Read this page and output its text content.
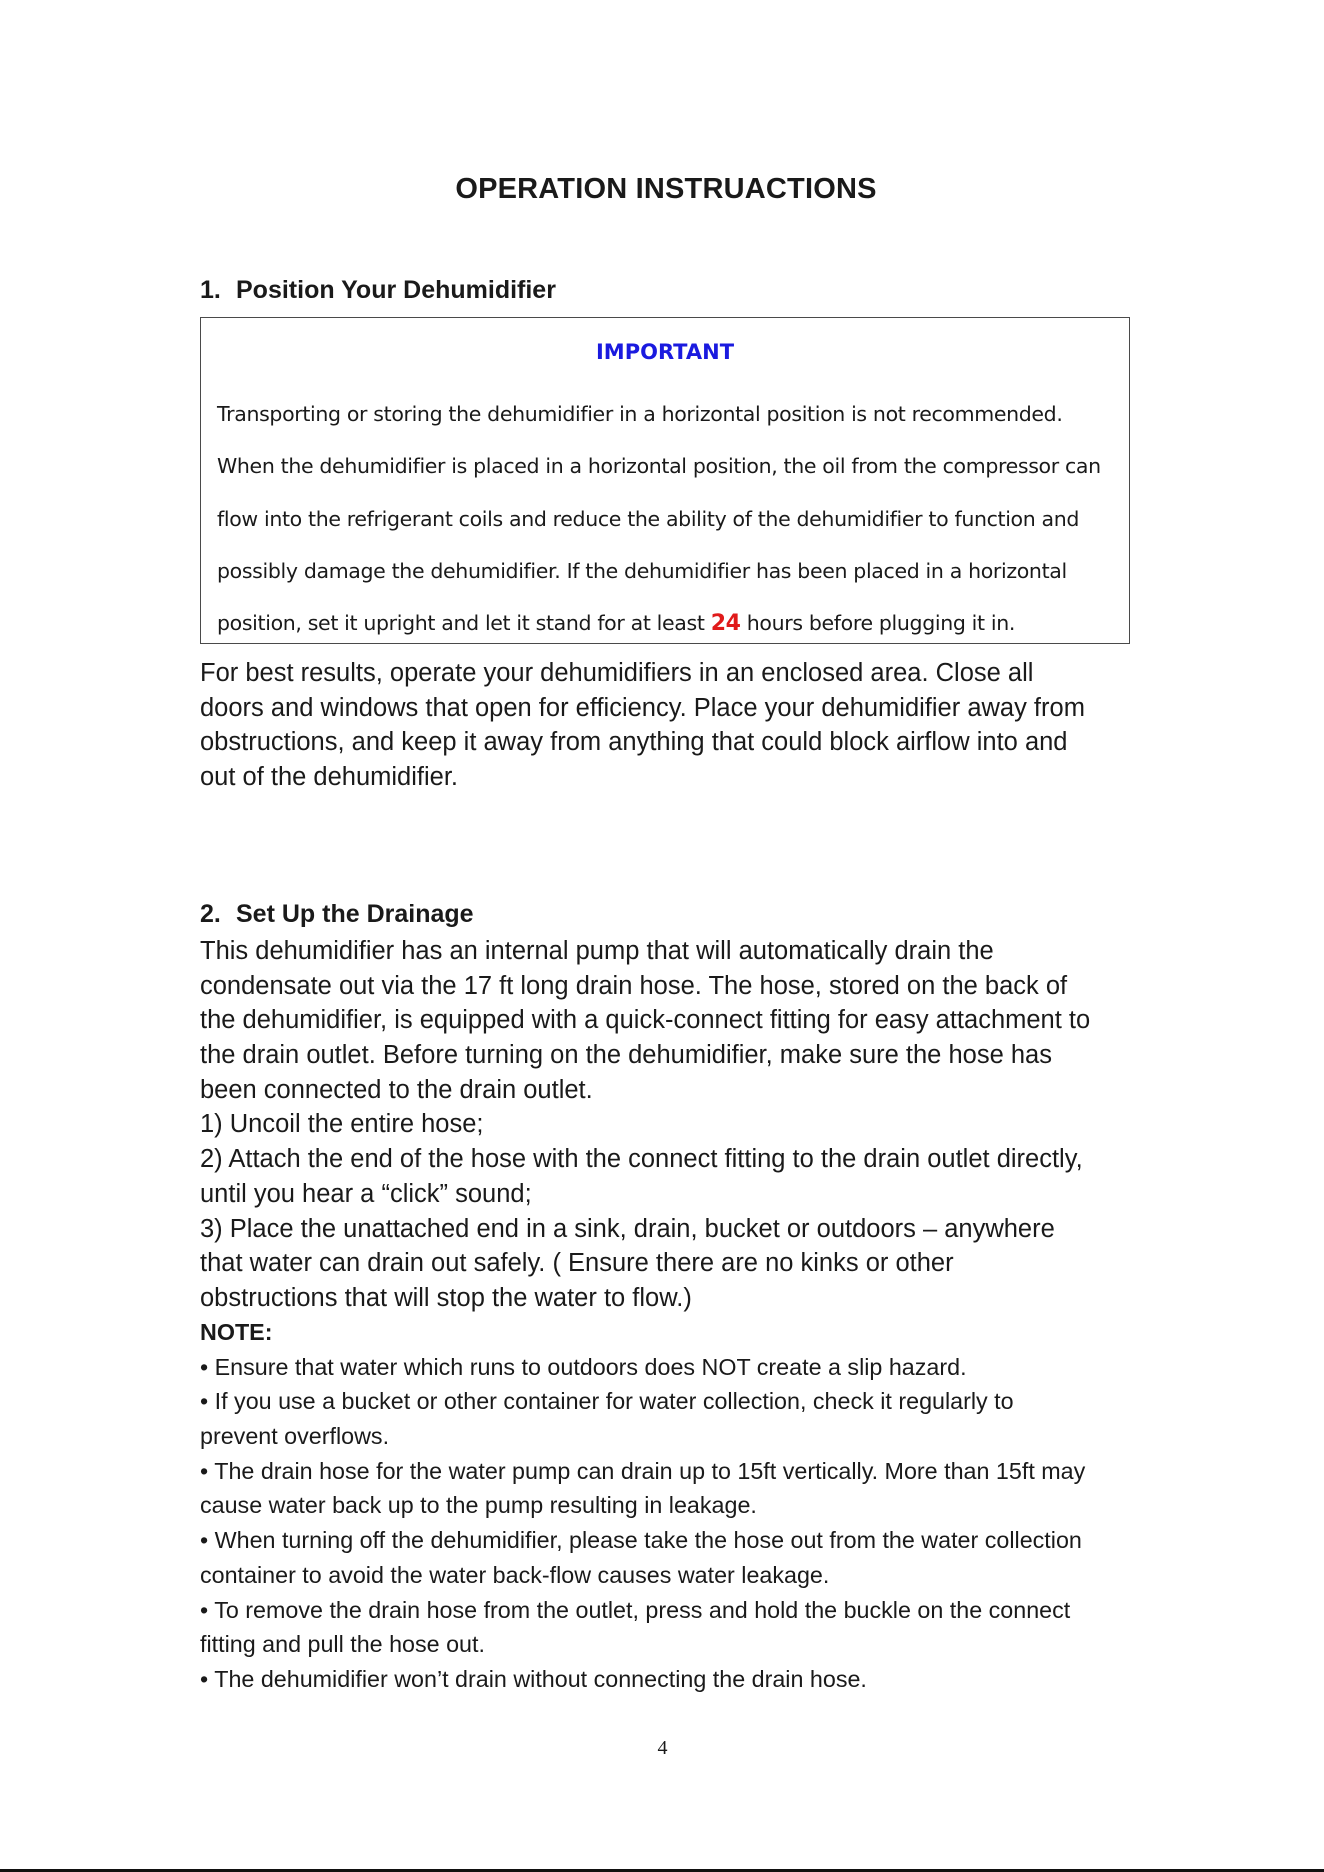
OPERATION INSTRUACTIONS
1. Position Your Dehumidifier
IMPORTANT
Transporting or storing the dehumidifier in a horizontal position is not recommended.
When the dehumidifier is placed in a horizontal position, the oil from the compressor can
flow into the refrigerant coils and reduce the ability of the dehumidifier to function and
possibly damage the dehumidifier. If the dehumidifier has been placed in a horizontal
position, set it upright and let it stand for at least 24 hours before plugging it in.
For best results, operate your dehumidifiers in an enclosed area. Close all
doors and windows that open for efficiency. Place your dehumidifier away from
obstructions, and keep it away from anything that could block airflow into and
out of the dehumidifier.
2. Set Up the Drainage
This dehumidifier has an internal pump that will automatically drain the
condensate out via the 17 ft long drain hose. The hose, stored on the back of
the dehumidifier, is equipped with a quick-connect fitting for easy attachment to
the drain outlet. Before turning on the dehumidifier, make sure the hose has
been connected to the drain outlet.
1) Uncoil the entire hose;
2) Attach the end of the hose with the connect fitting to the drain outlet directly,
until you hear a “click” sound;
3) Place the unattached end in a sink, drain, bucket or outdoors – anywhere
that water can drain out safely. ( Ensure there are no kinks or other
obstructions that will stop the water to flow.)
NOTE:
• Ensure that water which runs to outdoors does NOT create a slip hazard.
• If you use a bucket or other container for water collection, check it regularly to
prevent overflows.
• The drain hose for the water pump can drain up to 15ft vertically. More than 15ft may
cause water back up to the pump resulting in leakage.
• When turning off the dehumidifier, please take the hose out from the water collection
container to avoid the water back-flow causes water leakage.
• To remove the drain hose from the outlet, press and hold the buckle on the connect
fitting and pull the hose out.
• The dehumidifier won’t drain without connecting the drain hose.
4
